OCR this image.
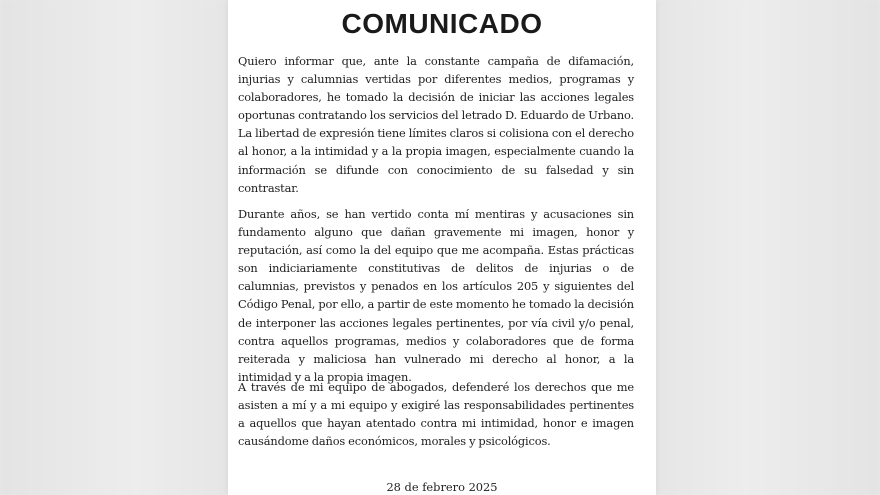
COMUNICADO

Quiero informar que, ante la constante campaña de difamación, injurias y calumnias vertidas por diferentes medios, programas y colaboradores, he tomado la decisión de iniciar las acciones legales oportunas contratando los servicios del letrado D. Eduardo de Urbano. La libertad de expresión tiene límites claros si colisiona con el derecho al honor, a la intimidad y a la propia imagen, especialmente cuando la información se difunde con conocimiento de su falsedad y sin contrastar.

Durante años, se han vertido conta mí mentiras y acusaciones sin fundamento alguno que dañan gravemente mi imagen, honor y reputación, así como la del equipo que me acompaña. Estas prácticas son indiciariamente constitutivas de delitos de injurias o de calumnias, previstos y penados en los artículos 205 y siguientes del Código Penal, por ello, a partir de este momento he tomado la decisión de interponer las acciones legales pertinentes, por vía civil y/o penal, contra aquellos programas, medios y colaboradores que de forma reiterada y maliciosa han vulnerado mi derecho al honor, a la intimidad y a la propia imagen.

A través de mi equipo de abogados, defenderé los derechos que me asisten a mí y a mi equipo y exigiré las responsabilidades pertinentes a aquellos que hayan atentado contra mi intimidad, honor e imagen causándome daños económicos, morales y psicológicos.

28 de febrero 2025
